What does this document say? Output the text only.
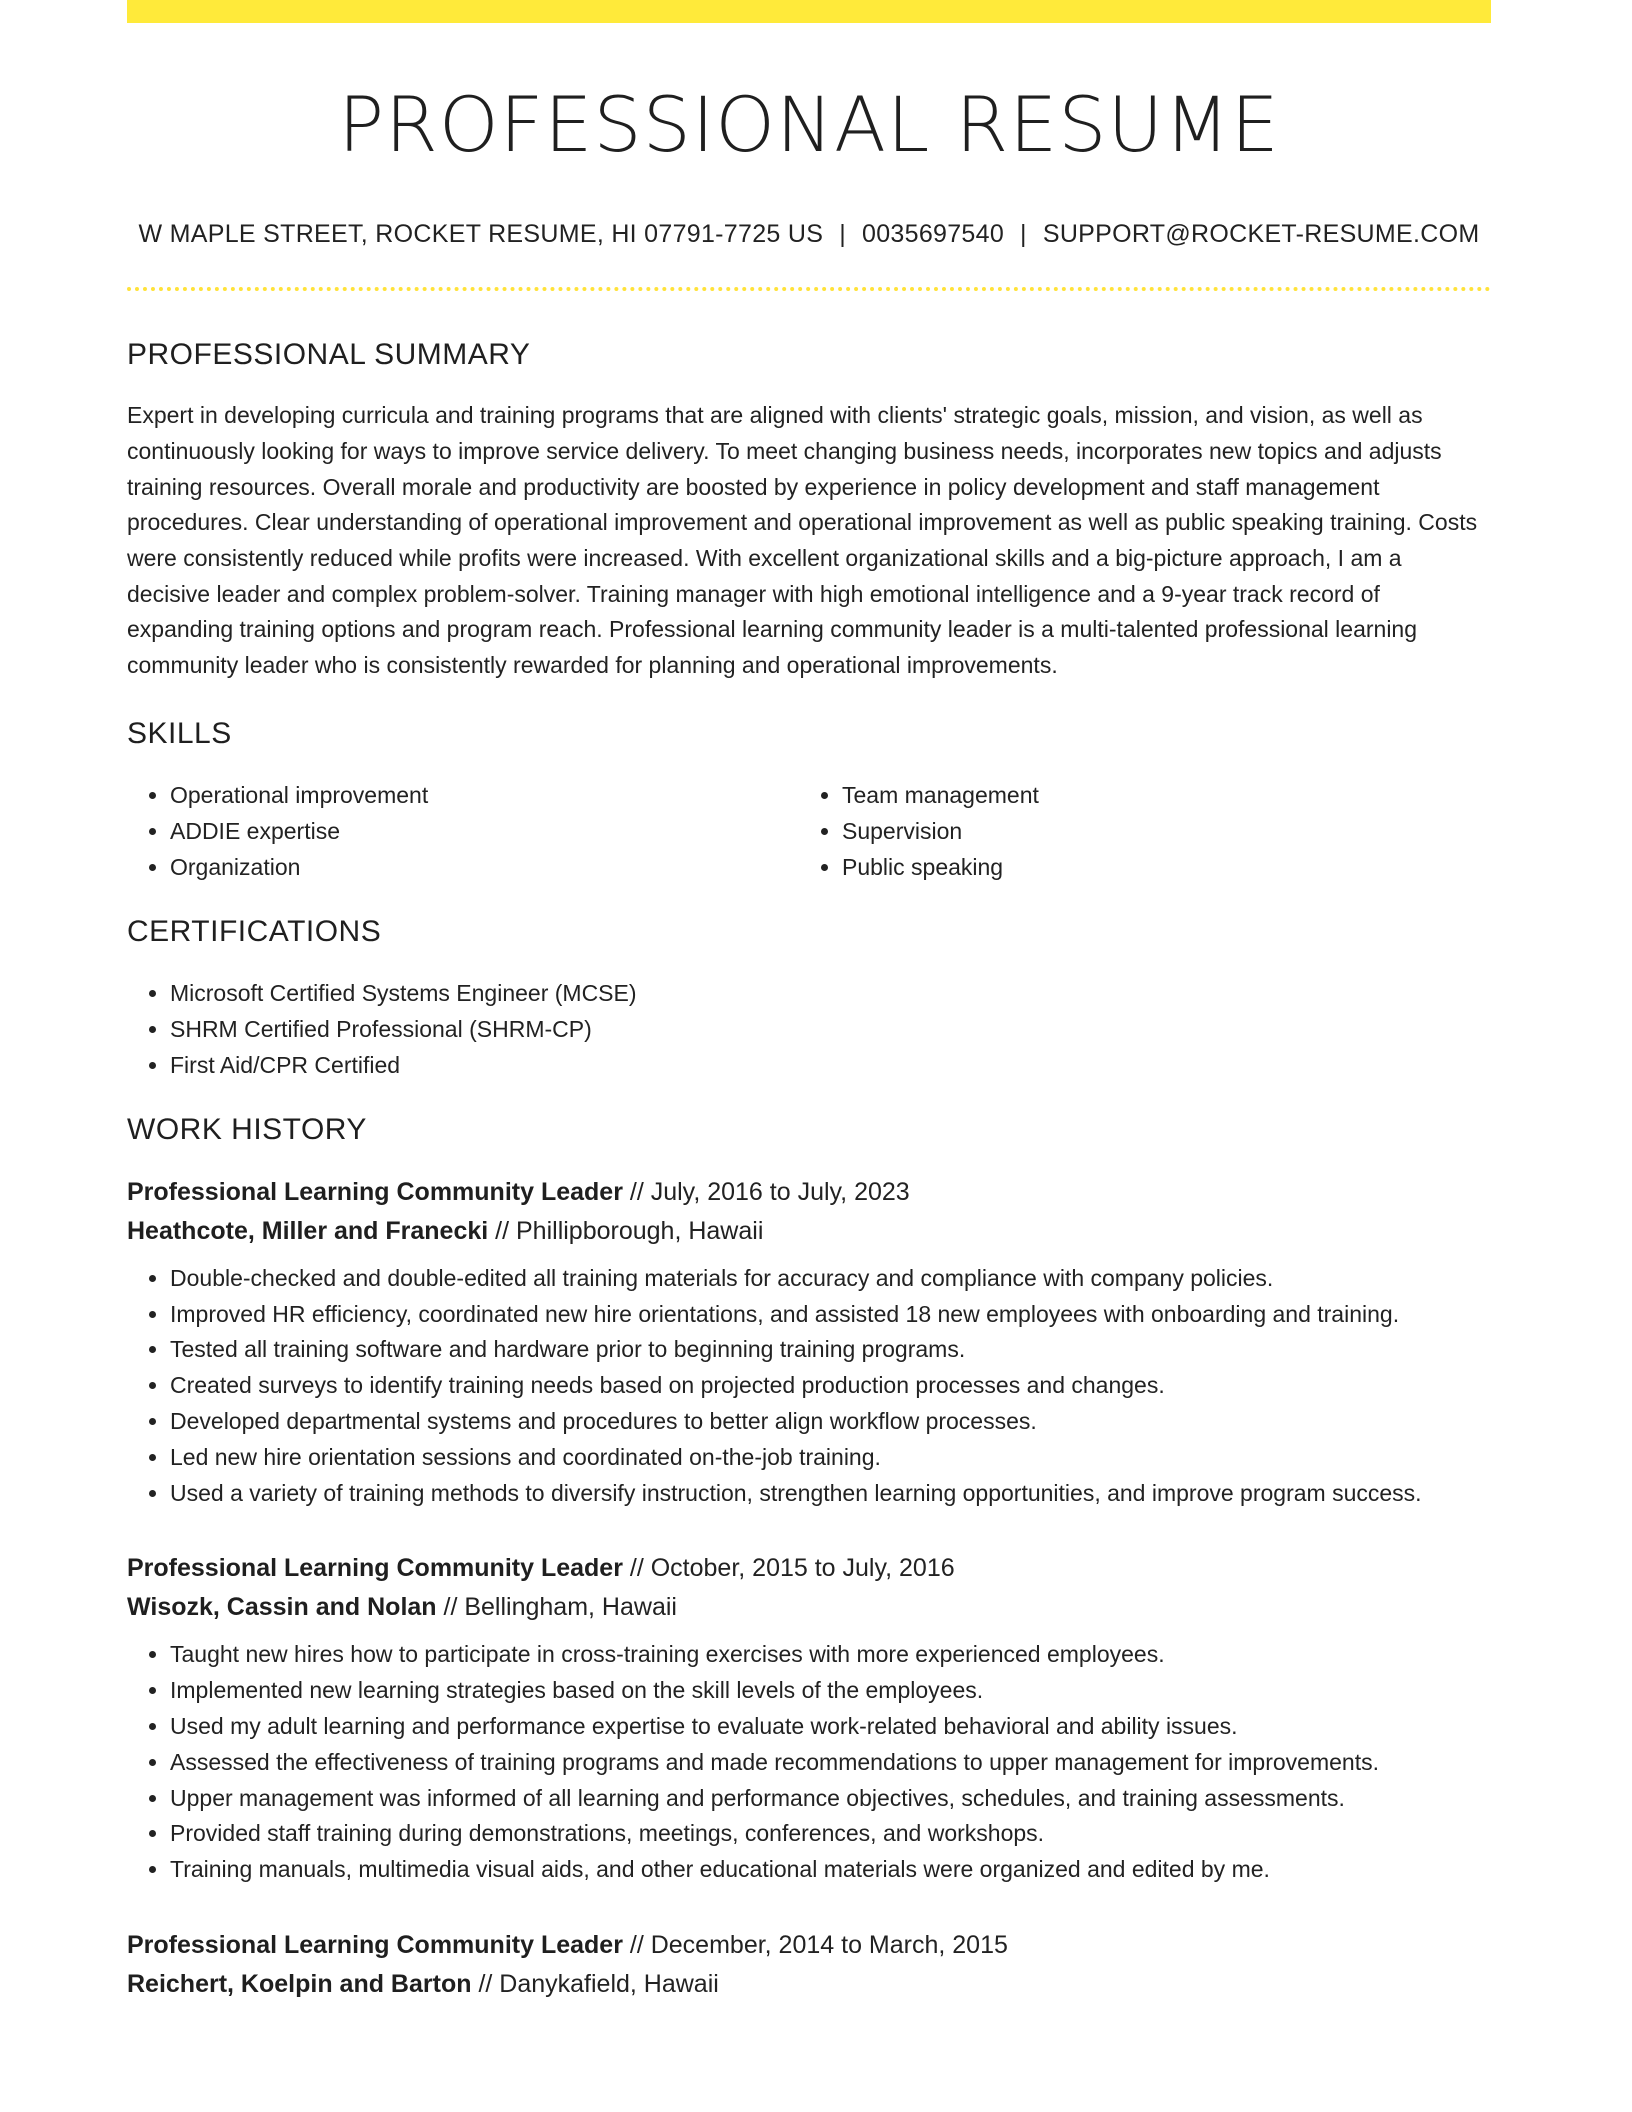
PROFESSIONAL RESUME
W MAPLE STREET, ROCKET RESUME, HI 07791-7725 US | 0035697540 | SUPPORT@ROCKET-RESUME.COM
PROFESSIONAL SUMMARY

Expert in developing curricula and training programs that are aligned with clients' strategic goals, mission, and vision, as well as continuously looking for ways to improve service delivery. To meet changing business needs, incorporates new topics and adjusts training resources. Overall morale and productivity are boosted by experience in policy development and staff management procedures. Clear understanding of operational improvement and operational improvement as well as public speaking training. Costs were consistently reduced while profits were increased. With excellent organizational skills and a big-picture approach, I am a decisive leader and complex problem-solver. Training manager with high emotional intelligence and a 9-year track record of expanding training options and program reach. Professional learning community leader is a multi-talented professional learning community leader who is consistently rewarded for planning and operational improvements.

SKILLS
• Operational improvement
• ADDIE expertise
• Organization
• Team management
• Supervision
• Public speaking
CERTIFICATIONS
• Microsoft Certified Systems Engineer (MCSE)
• SHRM Certified Professional (SHRM-CP)
• First Aid/CPR Certified
WORK HISTORY
Professional Learning Community Leader // July, 2016 to July, 2023
Heathcote, Miller and Franecki // Phillipborough, Hawaii
• Double-checked and double-edited all training materials for accuracy and compliance with company policies.
• Improved HR efficiency, coordinated new hire orientations, and assisted 18 new employees with onboarding and training.
• Tested all training software and hardware prior to beginning training programs.
• Created surveys to identify training needs based on projected production processes and changes.
• Developed departmental systems and procedures to better align workflow processes.
• Led new hire orientation sessions and coordinated on-the-job training.
• Used a variety of training methods to diversify instruction, strengthen learning opportunities, and improve program success.
Professional Learning Community Leader // October, 2015 to July, 2016
Wisozk, Cassin and Nolan // Bellingham, Hawaii
• Taught new hires how to participate in cross-training exercises with more experienced employees.
• Implemented new learning strategies based on the skill levels of the employees.
• Used my adult learning and performance expertise to evaluate work-related behavioral and ability issues.
• Assessed the effectiveness of training programs and made recommendations to upper management for improvements.
• Upper management was informed of all learning and performance objectives, schedules, and training assessments.
• Provided staff training during demonstrations, meetings, conferences, and workshops.
• Training manuals, multimedia visual aids, and other educational materials were organized and edited by me.
Professional Learning Community Leader // December, 2014 to March, 2015
Reichert, Koelpin and Barton // Danykafield, Hawaii
